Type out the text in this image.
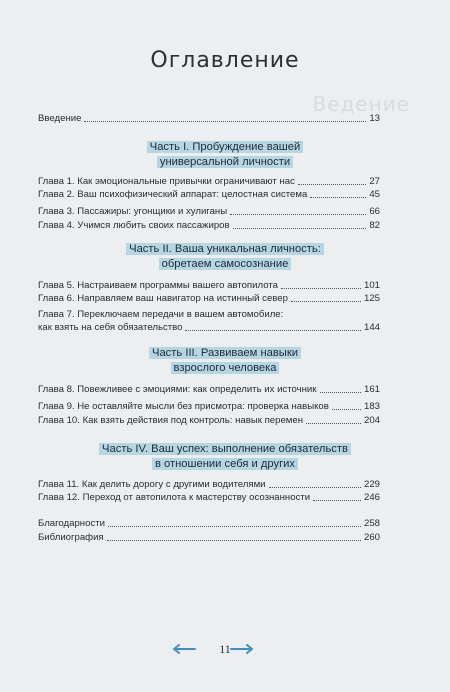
Ведение
Оглавление
Введение	13
Часть I. Пробуждение вашей
универсальной личности
Глава 1. Как эмоциональные привычки ограничивают нас	27
Глава 2. Ваш психофизический аппарат: целостная система	45
Глава 3. Пассажиры: угонщики и хулиганы	66
Глава 4. Учимся любить своих пассажиров	82
Часть II. Ваша уникальная личность:
обретаем самосознание
Глава 5. Настраиваем программы вашего автопилота	101
Глава 6. Направляем ваш навигатор на истинный север	125
Глава 7. Переключаем передачи в вашем автомобиле:
как взять на себя обязательство	144
Часть III. Развиваем навыки
взрослого человека
Глава 8. Повежливее с эмоциями: как определить их источник	161
Глава 9. Не оставляйте мысли без присмотра: проверка навыков	183
Глава 10. Как взять действия под контроль: навык перемен	204
Часть IV. Ваш успех: выполнение обязательств
в отношении себя и других
Глава 11. Как делить дорогу с другими водителями	229
Глава 12. Переход от автопилота к мастерству осознанности	246
Благодарности	258
Библиография	260
11
